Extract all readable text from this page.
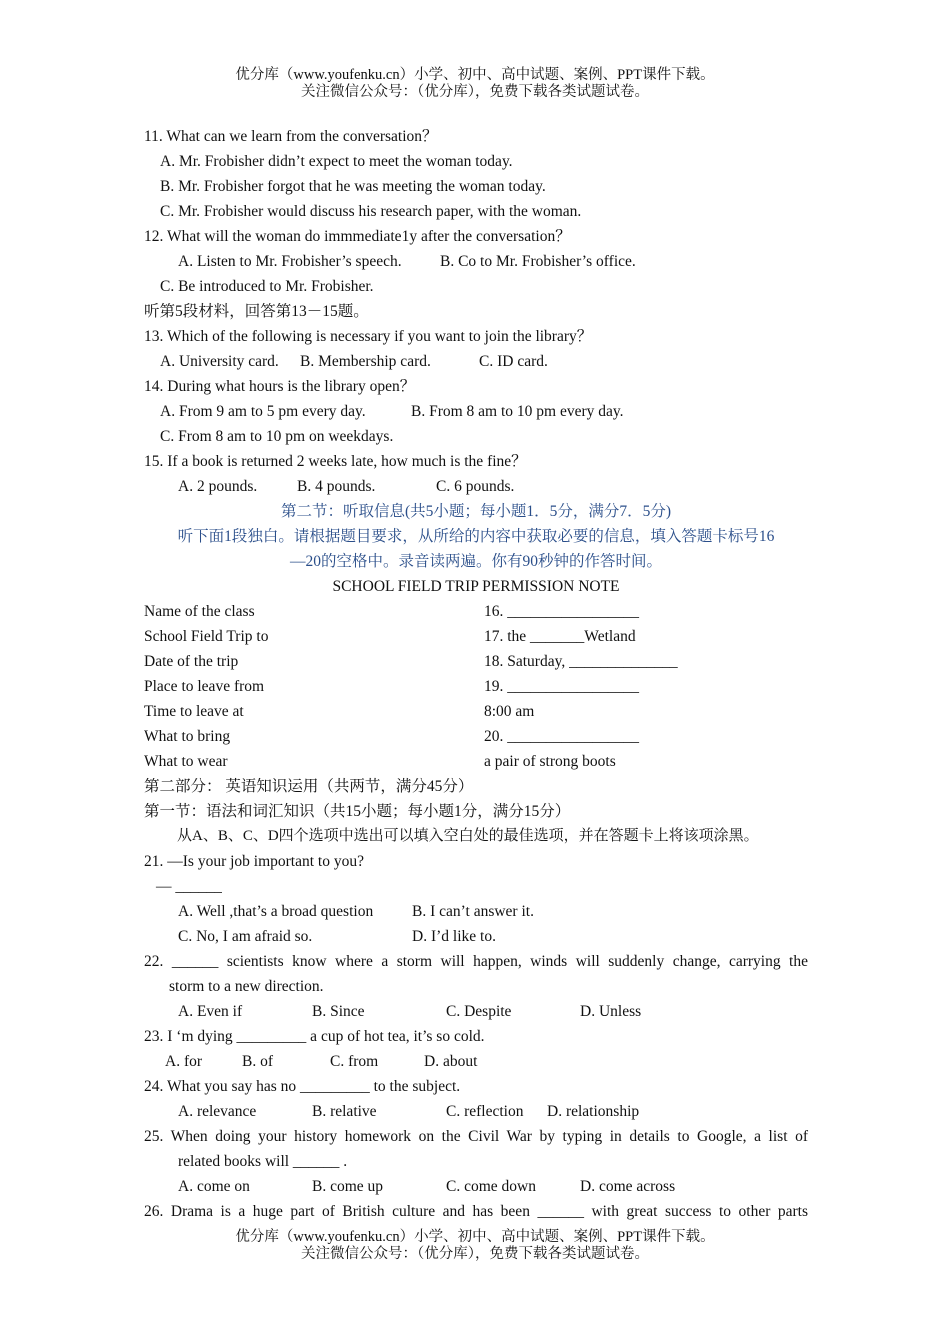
优分库（www.youfenku.cn）小学、初中、高中试题、案例、PPT课件下载。
关注微信公众号：（优分库），免费下载各类试题试卷。
11. What can we learn from the conversation？
A. Mr. Frobisher didn’t expect to meet the woman today.
B. Mr. Frobisher forgot that he was meeting the woman today.
C. Mr. Frobisher would discuss his research paper, with the woman.
12. What will the woman do immmediate1y after the conversation？
A. Listen to Mr. Frobisher’s speech. B. Co to Mr. Frobisher’s office.
C. Be introduced to Mr. Frobisher.
听第5段材料，回答第13－15题。
13. Which of the following is necessary if you want to join the library？
A. University card. B. Membership card.	C. ID card.
14. During what hours is the library open？
A. From 9 am to 5 pm every day.	B. From 8 am to 10 pm every day.
C. From 8 am to 10 pm on weekdays.
15. If a book is returned 2 weeks late, how much is the fine？
A. 2 pounds.	B. 4 pounds.	C. 6 pounds.
第二节：听取信息(共5小题；每小题1．5分，满分7．5分)
听下面1段独白。请根据题目要求，从所给的内容中获取必要的信息，填入答题卡标号16
—20的空格中。录音读两遍。你有90秒钟的作答时间。
SCHOOL FIELD TRIP PERMISSION NOTE
Name of the class	16. _________________
School Field Trip to	17. the _______Wetland
Date of the trip	18. Saturday, ______________
Place to leave from	19. _________________
Time to leave at	8:00 am
What to bring	20. _________________
What to wear	a pair of strong boots
第二部分： 英语知识运用（共两节，满分45分）
第一节：语法和词汇知识（共15小题；每小题1分，满分15分）
从A、B、C、D四个选项中选出可以填入空白处的最佳选项，并在答题卡上将该项涂黑。
21. —Is your job important to you?
— ______
A. Well ,that’s a broad question	B. I can’t answer it.
C. No, I am afraid so.	D. I’d like to.
22. ______ scientists know where a storm will happen, winds will suddenly change, carrying the
storm to a new direction.
A. Even if	B. Since	C. Despite	D. Unless
23. I ‘m dying _________ a cup of hot tea, it’s so cold.
A. for	B. of	C. from	D. about
24. What you say has no _________ to the subject.
A. relevance	B. relative	C. reflection D. relationship
25. When doing your history homework on the Civil War by typing in details to Google, a list of
related books will ______ .
A. come on	B. come up	C. come down	D. come across
26. Drama is a huge part of British culture and has been ______ with great success to other parts
优分库（www.youfenku.cn）小学、初中、高中试题、案例、PPT课件下载。
关注微信公众号：（优分库），免费下载各类试题试卷。
